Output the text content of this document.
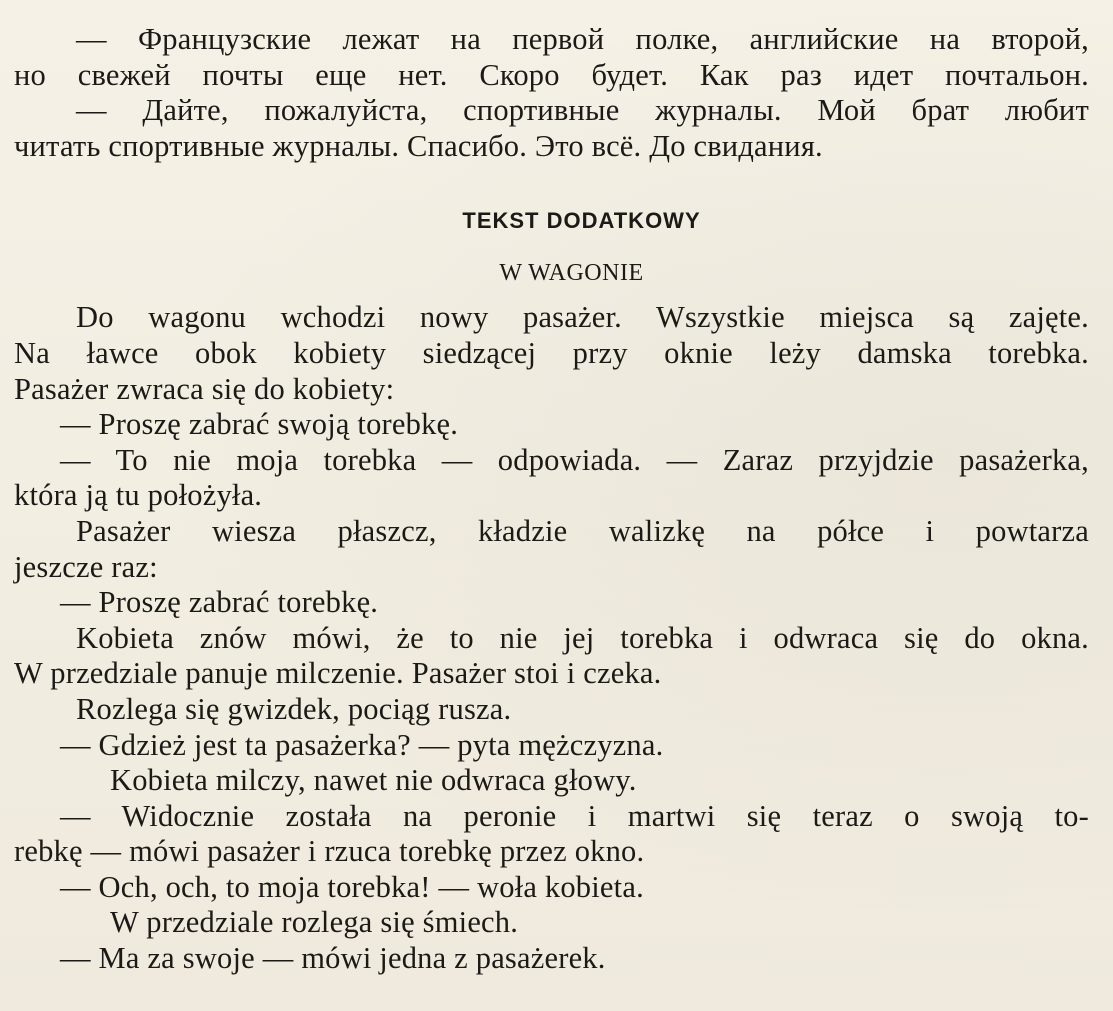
— Французские лежат на первой полке, английские на второй,
но свежей почты еще нет. Скоро будет. Как раз идет почтальон.
— Дайте, пожалуйста, спортивные журналы. Мой брат любит
читать спортивные журналы. Спасибо. Это всё. До свидания.
TEKST DODATKOWY
W WAGONIE
Do wagonu wchodzi nowy pasażer. Wszystkie miejsca są zajęte.
Na ławce obok kobiety siedzącej przy oknie leży damska torebka.
Pasażer zwraca się do kobiety:
— Proszę zabrać swoją torebkę.
— To nie moja torebka — odpowiada. — Zaraz przyjdzie pasażerka,
która ją tu położyła.
Pasażer wiesza płaszcz, kładzie walizkę na półce i powtarza
jeszcze raz:
— Proszę zabrać torebkę.
Kobieta znów mówi, że to nie jej torebka i odwraca się do okna.
W przedziale panuje milczenie. Pasażer stoi i czeka.
Rozlega się gwizdek, pociąg rusza.
— Gdzież jest ta pasażerka? — pyta mężczyzna.
Kobieta milczy, nawet nie odwraca głowy.
— Widocznie została na peronie i martwi się teraz o swoją to-
rebkę — mówi pasażer i rzuca torebkę przez okno.
— Och, och, to moja torebka! — woła kobieta.
W przedziale rozlega się śmiech.
— Ma za swoje — mówi jedna z pasażerek.
